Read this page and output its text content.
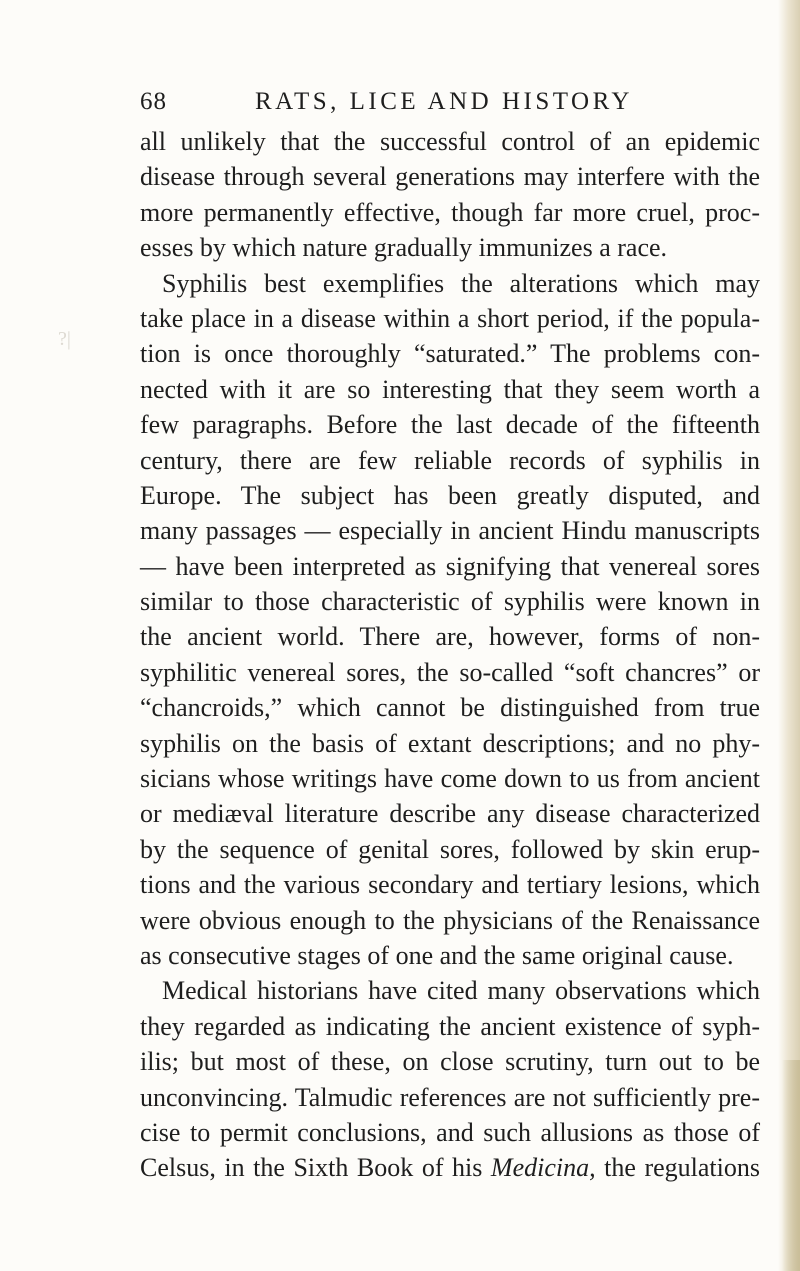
?|
68	RATS, LICE AND HISTORY
all unlikely that the successful control of an epidemic
disease through several generations may interfere with the
more permanently effective, though far more cruel, proc-
esses by which nature gradually immunizes a race.
Syphilis best exemplifies the alterations which may
take place in a disease within a short period, if the popula-
tion is once thoroughly “saturated.” The problems con-
nected with it are so interesting that they seem worth a
few paragraphs. Before the last decade of the fifteenth
century, there are few reliable records of syphilis in
Europe. The subject has been greatly disputed, and
many passages — especially in ancient Hindu manuscripts
— have been interpreted as signifying that venereal sores
similar to those characteristic of syphilis were known in
the ancient world. There are, however, forms of non-
syphilitic venereal sores, the so-called “soft chancres” or
“chancroids,” which cannot be distinguished from true
syphilis on the basis of extant descriptions; and no phy-
sicians whose writings have come down to us from ancient
or mediæval literature describe any disease characterized
by the sequence of genital sores, followed by skin erup-
tions and the various secondary and tertiary lesions, which
were obvious enough to the physicians of the Renaissance
as consecutive stages of one and the same original cause.
Medical historians have cited many observations which
they regarded as indicating the ancient existence of syph-
ilis; but most of these, on close scrutiny, turn out to be
unconvincing. Talmudic references are not sufficiently pre-
cise to permit conclusions, and such allusions as those of
Celsus, in the Sixth Book of his Medicina, the regulations
